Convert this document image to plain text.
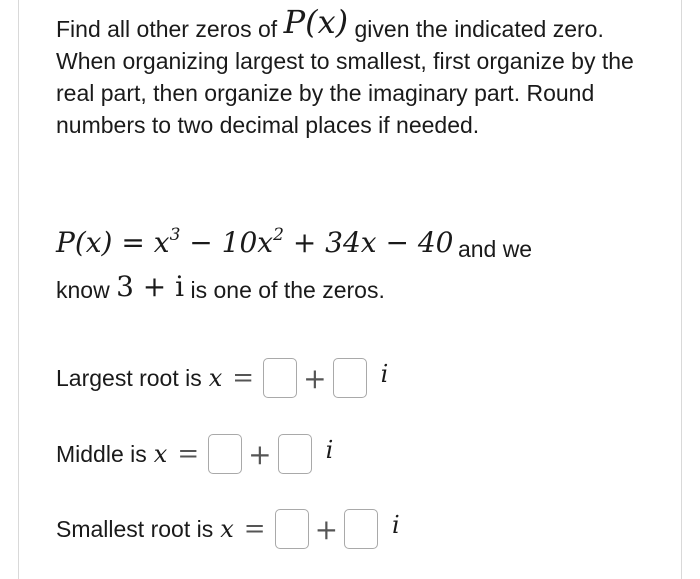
Find all other zeros of P(x) given the indicated zero. When organizing largest to smallest, first organize by the real part, then organize by the imaginary part. Round numbers to two decimal places if needed.
$P(x) = x^3 - 10x^2 + 34x - 40$ and we
know 3 + i is one of the zeros.
Largest root is x = + i
Middle is x = + i
Smallest root is x = + i
